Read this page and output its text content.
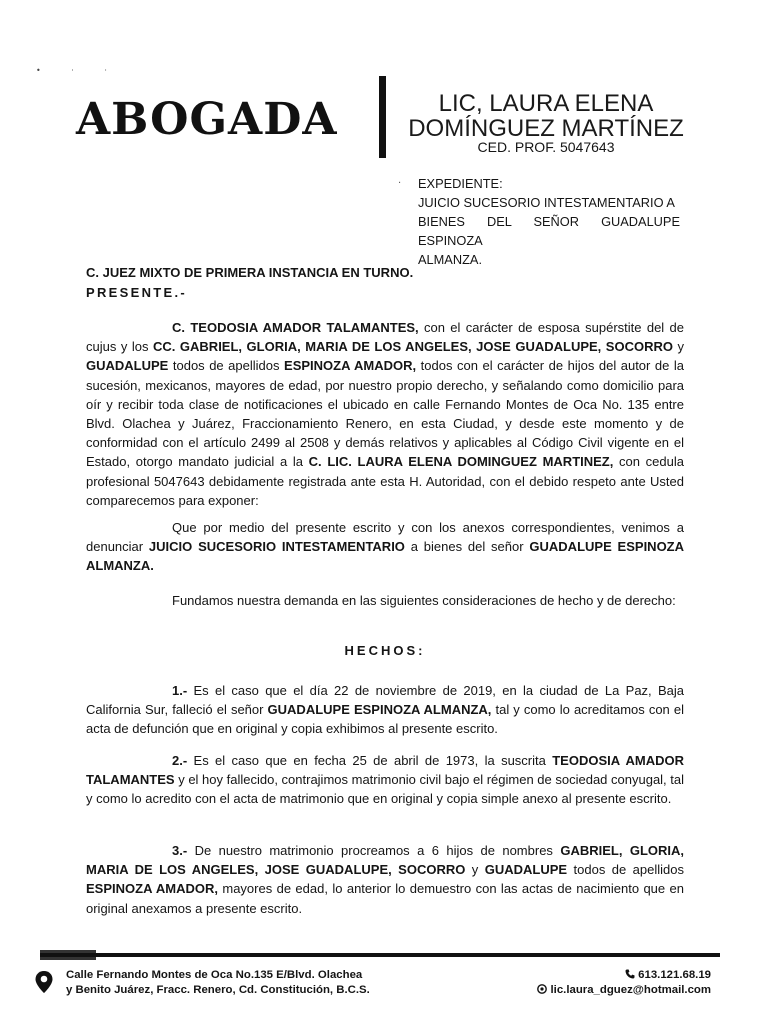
• · ·
ABOGADA	LIC, LAURA ELENA
DOMÍNGUEZ MARTÍNEZ
CED. PROF. 5047643
· EXPEDIENTE:
JUICIO SUCESORIO INTESTAMENTARIO A
BIENES DEL SEÑOR GUADALUPE ESPINOZA
ALMANZA.
C. JUEZ MIXTO DE PRIMERA INSTANCIA EN TURNO.
PRESENTE.-

C. TEODOSIA AMADOR TALAMANTES, con el carácter de esposa supérstite del de cujus y los CC. GABRIEL, GLORIA, MARIA DE LOS ANGELES, JOSE GUADALUPE, SOCORRO y GUADALUPE todos de apellidos ESPINOZA AMADOR, todos con el carácter de hijos del autor de la sucesión, mexicanos, mayores de edad, por nuestro propio derecho, y señalando como domicilio para oír y recibir toda clase de notificaciones el ubicado en calle Fernando Montes de Oca No. 135 entre Blvd. Olachea y Juárez, Fraccionamiento Renero, en esta Ciudad, y desde este momento y de conformidad con el artículo 2499 al 2508 y demás relativos y aplicables al Código Civil vigente en el Estado, otorgo mandato judicial a la C. LIC. LAURA ELENA DOMINGUEZ MARTINEZ, con cedula profesional 5047643 debidamente registrada ante esta H. Autoridad, con el debido respeto ante Usted comparecemos para exponer:

Que por medio del presente escrito y con los anexos correspondientes, venimos a denunciar JUICIO SUCESORIO INTESTAMENTARIO a bienes del señor GUADALUPE ESPINOZA ALMANZA.

Fundamos nuestra demanda en las siguientes consideraciones de hecho y de derecho:

HECHOS:

1.- Es el caso que el día 22 de noviembre de 2019, en la ciudad de La Paz, Baja California Sur, falleció el señor GUADALUPE ESPINOZA ALMANZA, tal y como lo acreditamos con el acta de defunción que en original y copia exhibimos al presente escrito.

2.- Es el caso que en fecha 25 de abril de 1973, la suscrita TEODOSIA AMADOR TALAMANTES y el hoy fallecido, contrajimos matrimonio civil bajo el régimen de sociedad conyugal, tal y como lo acredito con el acta de matrimonio que en original y copia simple anexo al presente escrito.

3.- De nuestro matrimonio procreamos a 6 hijos de nombres GABRIEL, GLORIA, MARIA DE LOS ANGELES, JOSE GUADALUPE, SOCORRO y GUADALUPE todos de apellidos ESPINOZA AMADOR, mayores de edad, lo anterior lo demuestro con las actas de nacimiento que en original anexamos a presente escrito.

Calle Fernando Montes de Oca No.135 E/Blvd. Olachea
y Benito Juárez, Fracc. Renero, Cd. Constitución, B.C.S.
613.121.68.19
lic.laura_dguez@hotmail.com
